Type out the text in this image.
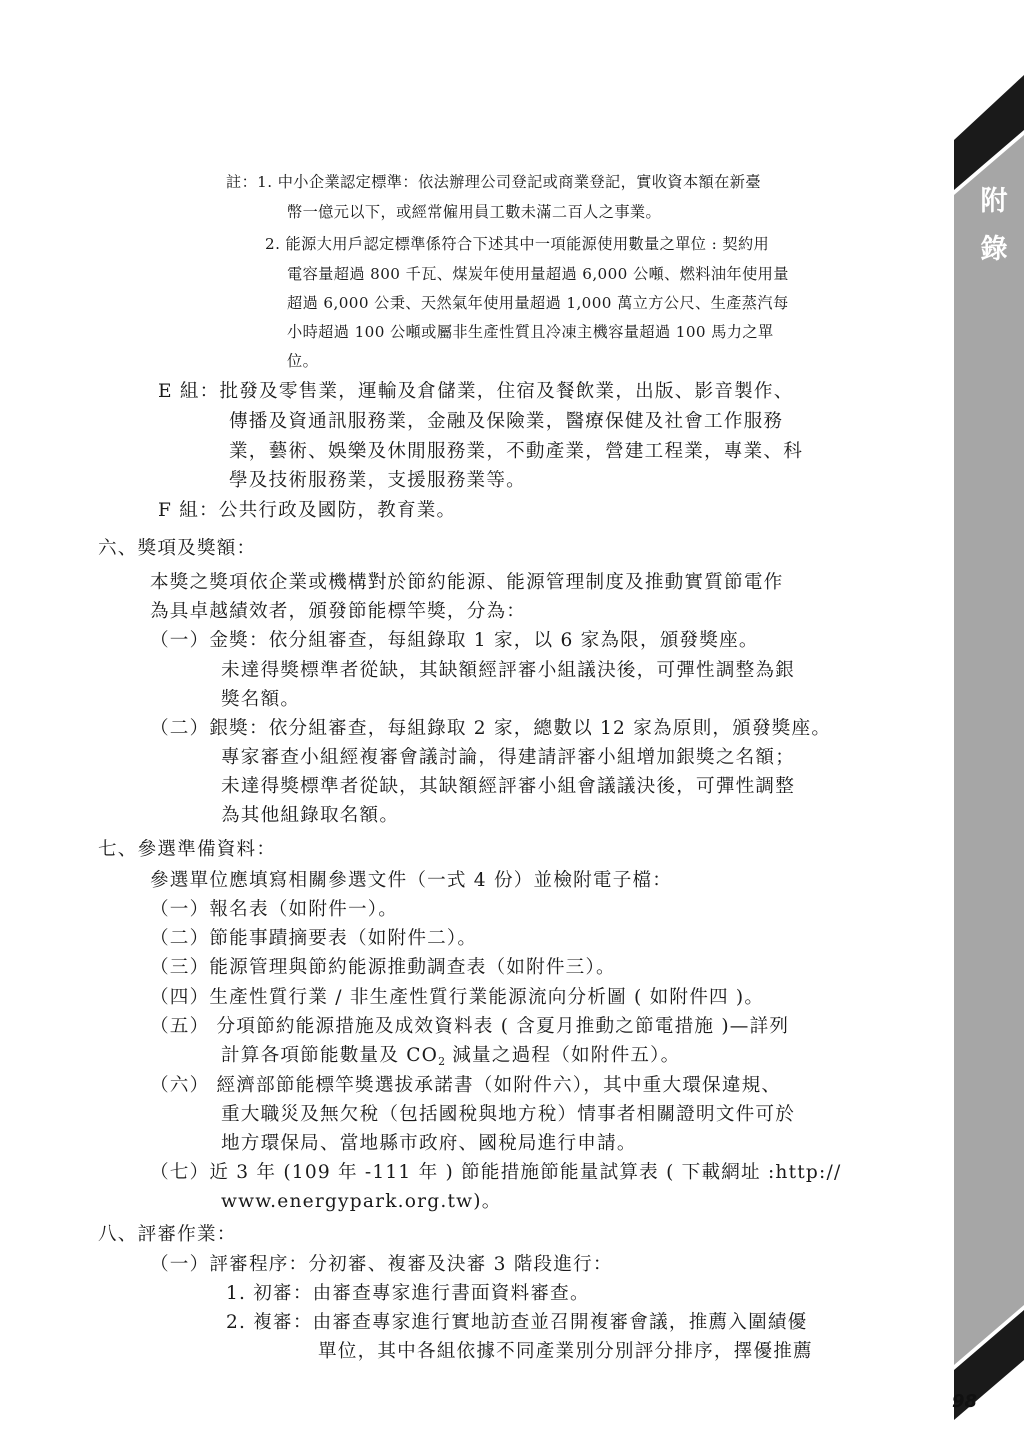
附
錄
98
註：1. 中小企業認定標準：依法辦理公司登記或商業登記，實收資本額在新臺
幣一億元以下，或經常僱用員工數未滿二百人之事業。
2. 能源大用戶認定標準係符合下述其中一項能源使用數量之單位 : 契約用
電容量超過 800 千瓦、煤炭年使用量超過 6,000 公噸、燃料油年使用量
超過 6,000 公秉、天然氣年使用量超過 1,000 萬立方公尺、生產蒸汽每
小時超過 100 公噸或屬非生產性質且冷凍主機容量超過 100 馬力之單
位。
E 組：批發及零售業，運輸及倉儲業，住宿及餐飲業，出版、影音製作、
傳播及資通訊服務業，金融及保險業，醫療保健及社會工作服務
業，藝術、娛樂及休閒服務業，不動產業，營建工程業，專業、科
學及技術服務業，支援服務業等。
F 組：公共行政及國防，教育業。
六、獎項及獎額：
本獎之獎項依企業或機構對於節約能源、能源管理制度及推動實質節電作
為具卓越績效者，頒發節能標竿獎，分為：
（一）金獎：依分組審查，每組錄取 1 家，以 6 家為限，頒發獎座。
未達得獎標準者從缺，其缺額經評審小組議決後，可彈性調整為銀
獎名額。
（二）銀獎：依分組審查，每組錄取 2 家，總數以 12 家為原則，頒發獎座。
專家審查小組經複審會議討論，得建請評審小組增加銀獎之名額；
未達得獎標準者從缺，其缺額經評審小組會議議決後，可彈性調整
為其他組錄取名額。
七、參選準備資料：
參選單位應填寫相關參選文件（一式 4 份）並檢附電子檔：
（一）報名表（如附件一）。
（二）節能事蹟摘要表（如附件二）。
（三）能源管理與節約能源推動調查表（如附件三）。
（四）生產性質行業 / 非生產性質行業能源流向分析圖 ( 如附件四 )。
（五） 分項節約能源措施及成效資料表 ( 含夏月推動之節電措施 )—詳列
計算各項節能數量及 $CO_2$ 減量之過程（如附件五）。
（六） 經濟部節能標竿獎選拔承諾書（如附件六），其中重大環保違規、
重大職災及無欠稅（包括國稅與地方稅）情事者相關證明文件可於
地方環保局、當地縣市政府、國稅局進行申請。
（七）近 3 年 (109 年 -111 年 ) 節能措施節能量試算表 ( 下載網址 :http://
www.energypark.org.tw)。
八、評審作業：
（一）評審程序：分初審、複審及決審 3 階段進行：
1. 初審：由審查專家進行書面資料審查。
2. 複審：由審查專家進行實地訪查並召開複審會議，推薦入圍績優
單位，其中各組依據不同產業別分別評分排序，擇優推薦
